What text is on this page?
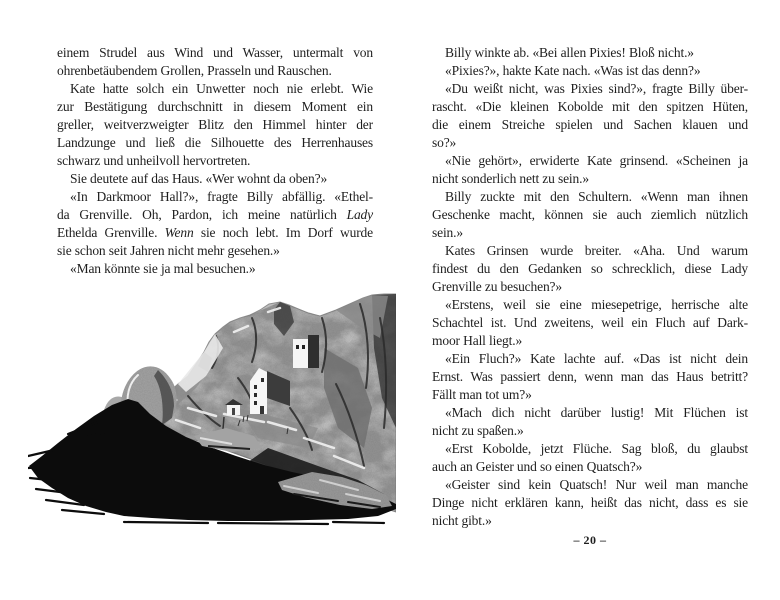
einem Strudel aus Wind und Wasser, untermalt von
ohrenbetäubendem Grollen, Prasseln und Rauschen.
Kate hatte solch ein Unwetter noch nie erlebt. Wie
zur Bestätigung durchschnitt in diesem Moment ein
greller, weitverzweigter Blitz den Himmel hinter der
Landzunge und ließ die Silhouette des Herrenhauses
schwarz und unheilvoll hervortreten.
Sie deutete auf das Haus. «Wer wohnt da oben?»
«In Darkmoor Hall?», fragte Billy abfällig. «Ethel-
da Grenville. Oh, Pardon, ich meine natürlich Lady
Ethelda Grenville. Wenn sie noch lebt. Im Dorf wurde
sie schon seit Jahren nicht mehr gesehen.»
«Man könnte sie ja mal besuchen.»
Billy winkte ab. «Bei allen Pixies! Bloß nicht.»
«Pixies?», hakte Kate nach. «Was ist das denn?»
«Du weißt nicht, was Pixies sind?», fragte Billy über-
rascht. «Die kleinen Kobolde mit den spitzen Hüten,
die einem Streiche spielen und Sachen klauen und
so?»
«Nie gehört», erwiderte Kate grinsend. «Scheinen ja
nicht sonderlich nett zu sein.»
Billy zuckte mit den Schultern. «Wenn man ihnen
Geschenke macht, können sie auch ziemlich nützlich
sein.»
Kates Grinsen wurde breiter. «Aha. Und warum
findest du den Gedanken so schrecklich, diese Lady
Grenville zu besuchen?»
«Erstens, weil sie eine miesepetrige, herrische alte
Schachtel ist. Und zweitens, weil ein Fluch auf Dark-
moor Hall liegt.»
«Ein Fluch?» Kate lachte auf. «Das ist nicht dein
Ernst. Was passiert denn, wenn man das Haus betritt?
Fällt man tot um?»
«Mach dich nicht darüber lustig! Mit Flüchen ist
nicht zu spaßen.»
«Erst Kobolde, jetzt Flüche. Sag bloß, du glaubst
auch an Geister und so einen Quatsch?»
«Geister sind kein Quatsch! Nur weil man manche
Dinge nicht erklären kann, heißt das nicht, dass es sie
nicht gibt.»
– 20 –
